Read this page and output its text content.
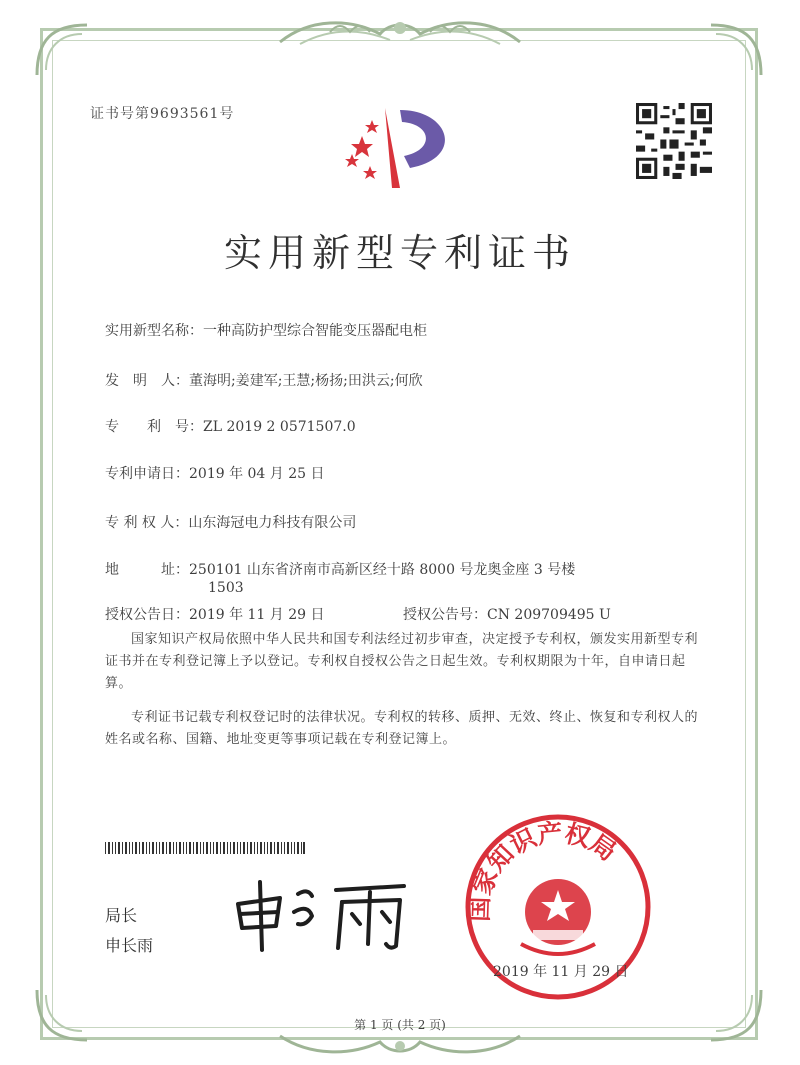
证书号第9693561号
实用新型专利证书
实用新型名称：一种高防护型综合智能变压器配电柜
发　明　人：董海明;姜建军;王慧;杨扬;田洪云;何欣
专　　利　号：ZL 2019 2 0571507.0
专利申请日：2019 年 04 月 25 日
专 利 权 人：山东海冠电力科技有限公司
地　　　址：250101 山东省济南市高新区经十路 8000 号龙奥金座 3 号楼
1503
授权公告日：2019 年 11 月 29 日	授权公告号：CN 209709495 U
国家知识产权局依照中华人民共和国专利法经过初步审查，决定授予专利权，颁发实用新型专利证书并在专利登记簿上予以登记。专利权自授权公告之日起生效。专利权期限为十年，自申请日起算。
专利证书记载专利权登记时的法律状况。专利权的转移、质押、无效、终止、恢复和专利权人的姓名或名称、国籍、地址变更等事项记载在专利登记簿上。
局长
申长雨
国家知识产权局
2019 年 11 月 29 日
第 1 页 (共 2 页)
